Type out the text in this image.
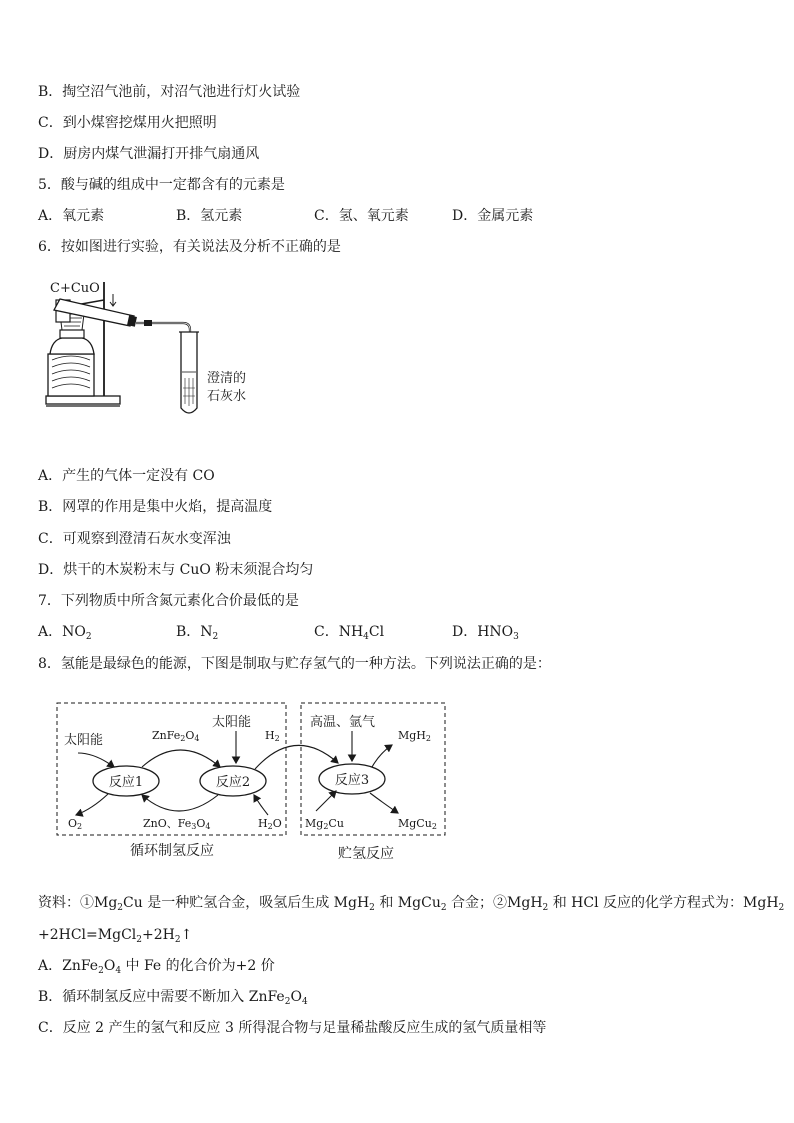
B．掏空沼气池前，对沼气池进行灯火试验
C．到小煤窖挖煤用火把照明
D．厨房内煤气泄漏打开排气扇通风
5．酸与碱的组成中一定都含有的元素是
A．氧元素	B．氢元素	C．氢、氧元素	D．金属元素
6．按如图进行实验，有关说法及分析不正确的是
C+CuO
澄清的
石灰水
A．产生的气体一定没有 CO
B．网罩的作用是集中火焰，提高温度
C．可观察到澄清石灰水变浑浊
D．烘干的木炭粉末与 CuO 粉末须混合均匀
7．下列物质中所含氮元素化合价最低的是
A．$NO_2$	B．$N_2$	C．$NH_4Cl$	D．$HNO_3$
8．氢能是最绿色的能源，下图是制取与贮存氢气的一种方法。下列说法正确的是：
反应1	反应2	反应3
太阳能
O2
ZnFe2O4
ZnO、Fe3O4
太阳能
H2O
H2
高温、氩气
MgH2
Mg2Cu	MgCu2
循环制氢反应	贮氢反应
资料：$①Mg_2Cu$ 是一种贮氢合金，吸氢后生成 MgH$_2$ 和 MgCu$_2$ 合金；②MgH$_2$ 和 HCl 反应的化学方程式为：MgH$_2$
$+2HCl=MgCl_2+2H_2↑$
A．$ZnFe_2O_4$ 中 Fe 的化合价为+2 价
B．循环制氢反应中需要不断加入 $ZnFe_2O_4$
C．反应 2 产生的氢气和反应 3 所得混合物与足量稀盐酸反应生成的氢气质量相等
